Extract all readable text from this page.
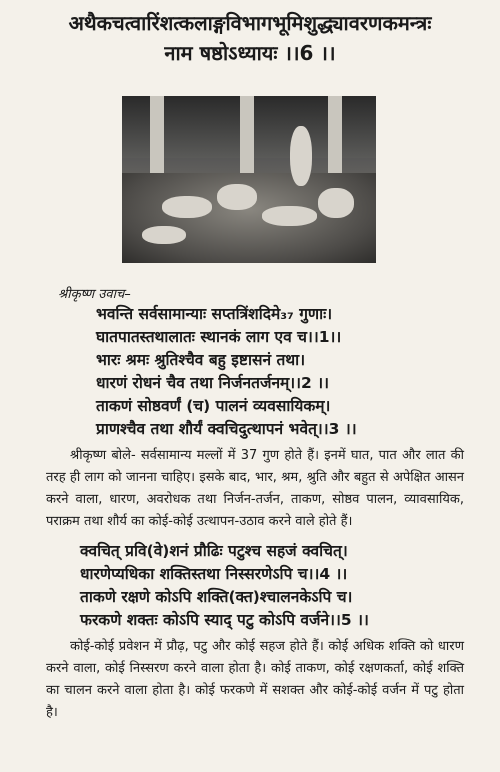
अथैकचत्वारिंशत्कलाङ्गविभागभूमिशुद्ध्यावरणकमन्त्रः
नाम षष्ठोऽध्यायः ।।6 ।।
श्रीकृष्ण उवाच–
भवन्ति सर्वसामान्याः सप्तत्रिंशदिमे₃₇ गुणाः।
घातपातस्तथालातः स्थानकं लाग एव च।।1।।
भारः श्रमः श्रुतिश्चैव बहु इष्टासनं तथा।
धारणं रोधनं चैव तथा निर्जनतर्जनम्।।2 ।।
ताकणं सोष्ठवर्णं (च) पालनं व्यवसायिकम्।
प्राणश्चैव तथा शौर्यं क्वचिदुत्थापनं भवेत्।।3 ।।
श्रीकृष्ण बोले- सर्वसामान्य मल्लों में 37 गुण होते हैं। इनमें घात, पात और लात की तरह ही लाग को जानना चाहिए। इसके बाद, भार, श्रम, श्रुति और बहुत से अपेक्षित आसन करने वाला, धारण, अवरोधक तथा निर्जन-तर्जन, ताकण, सोष्ठव पालन, व्यावसायिक, पराक्रम तथा शौर्य का कोई-कोई उत्थापन-उठाव करने वाले होते हैं।
क्वचित् प्रवि(वे)शनं प्रौढिः पटुश्च सहजं क्वचित्।
धारणेप्यधिका शक्तिस्तथा निस्सरणेऽपि च।।4 ।।
ताकणे रक्षणे कोऽपि शक्ति(क्त)श्चालनकेऽपि च।
फरकणे शक्तः कोऽपि स्याद् पटु कोऽपि वर्जने।।5 ।।
कोई-कोई प्रवेशन में प्रौढ़, पटु और कोई सहज होते हैं। कोई अधिक शक्ति को धारण करने वाला, कोई निस्सरण करने वाला होता है। कोई ताकण, कोई रक्षणकर्ता, कोई शक्ति का चालन करने वाला होता है। कोई फरकणे में सशक्त और कोई-कोई वर्जन में पटु होता है।
